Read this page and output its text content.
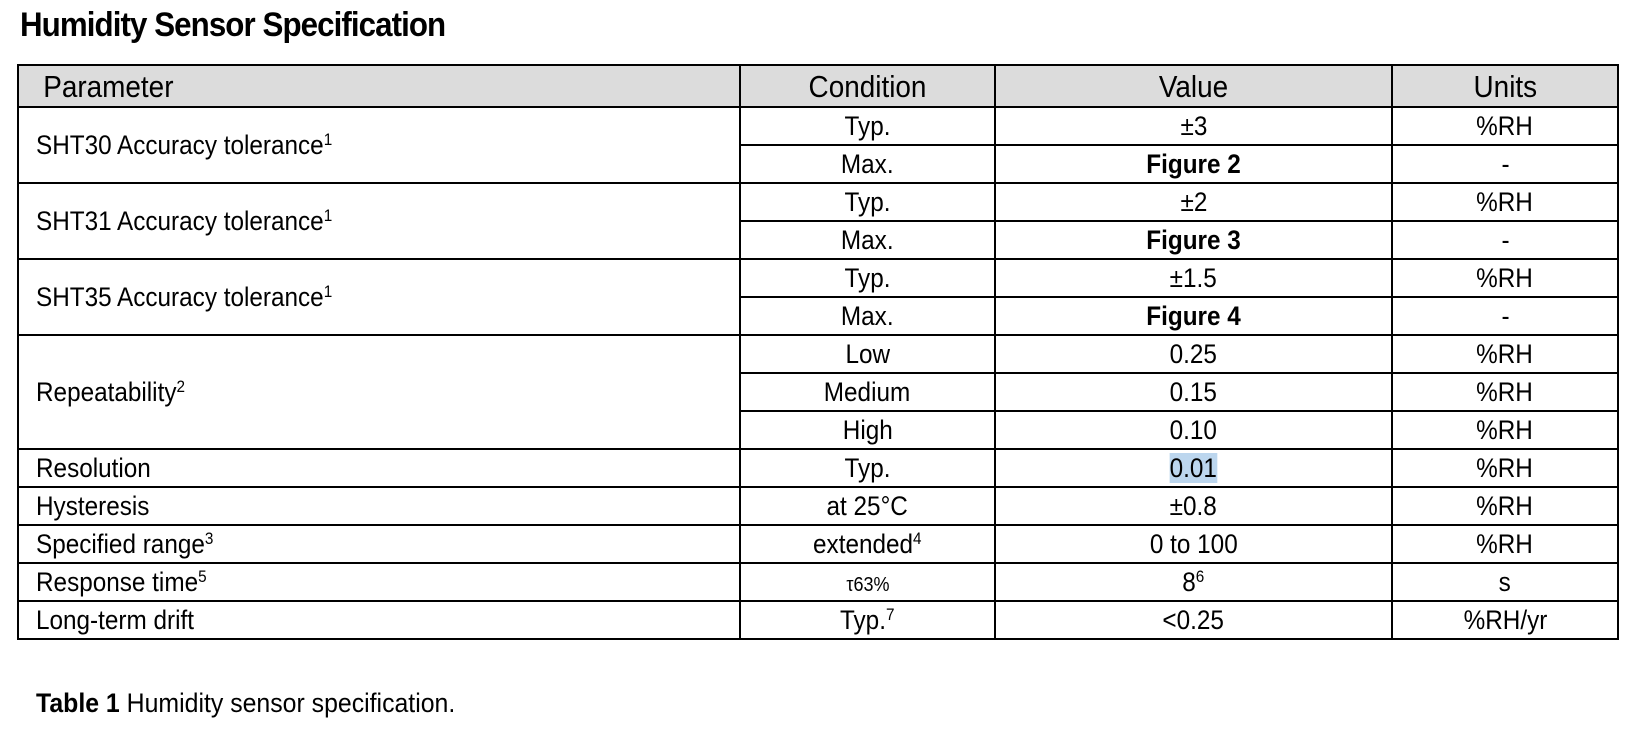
Humidity Sensor Specification
Parameter	Condition	Value	Units
SHT30 Accuracy tolerance$^1$	Typ.	±3	%RH
	Max.	Figure 2	-
SHT31 Accuracy tolerance$^1$	Typ.	±2	%RH
	Max.	Figure 3	-
SHT35 Accuracy tolerance$^1$	Typ.	±1.5	%RH
	Max.	Figure 4	-
Repeatability$^2$	Low	0.25	%RH
	Medium	0.15	%RH
	High	0.10	%RH
Resolution	Typ.	0.01	%RH
Hysteresis	at 25°C	±0.8	%RH
Specified range$^3$	extended$^4$	0 to 100	%RH
Response time$^5$	τ63%	$8^6$	s
Long-term drift	Typ.$^7$	<0.25	%RH/yr
Table 1 Humidity sensor specification.
